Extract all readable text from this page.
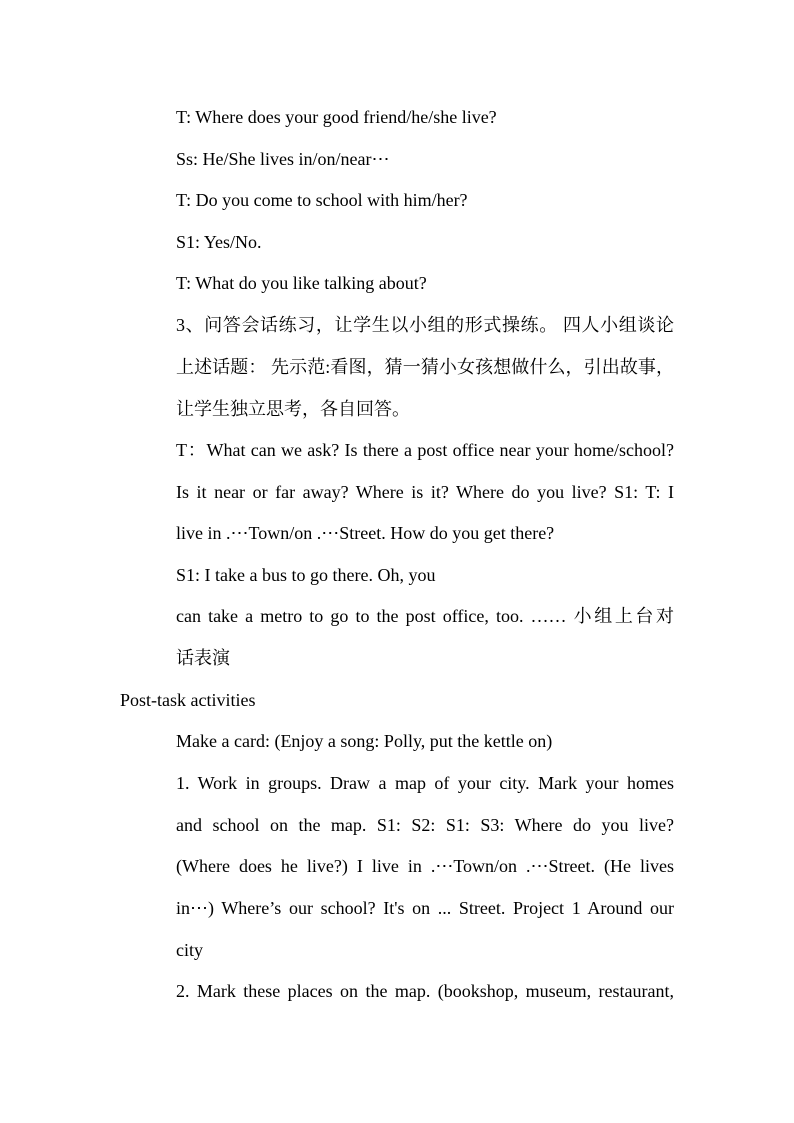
T: Where does your good friend/he/she live?
Ss: He/She lives in/on/near⋯
T: Do you come to school with him/her?
S1: Yes/No.
T: What do you like talking about?
3、问答会话练习，让学生以小组的形式操练。 四人小组谈论
上述话题： 先示范:看图，猜一猜小女孩想做什么，引出故事，
让学生独立思考，各自回答。
T：What can we ask? Is there a post office near your home/school?
Is it near or far away? Where is it? Where do you live? S1: T: I
live in .⋯Town/on .⋯Street. How do you get there?
S1: I take a bus to go there. Oh, you
can take a metro to go to the post office, too. …… 小组上台对
话表演
Post-task activities
Make a card: (Enjoy a song: Polly, put the kettle on)
1. Work in groups. Draw a map of your city. Mark your homes
and school on the map. S1: S2: S1: S3: Where do you live?
(Where does he live?) I live in .⋯Town/on .⋯Street. (He lives
in⋯) Where’s our school? It's on ... Street. Project 1 Around our
city
2. Mark these places on the map. (bookshop, museum, restaurant,
